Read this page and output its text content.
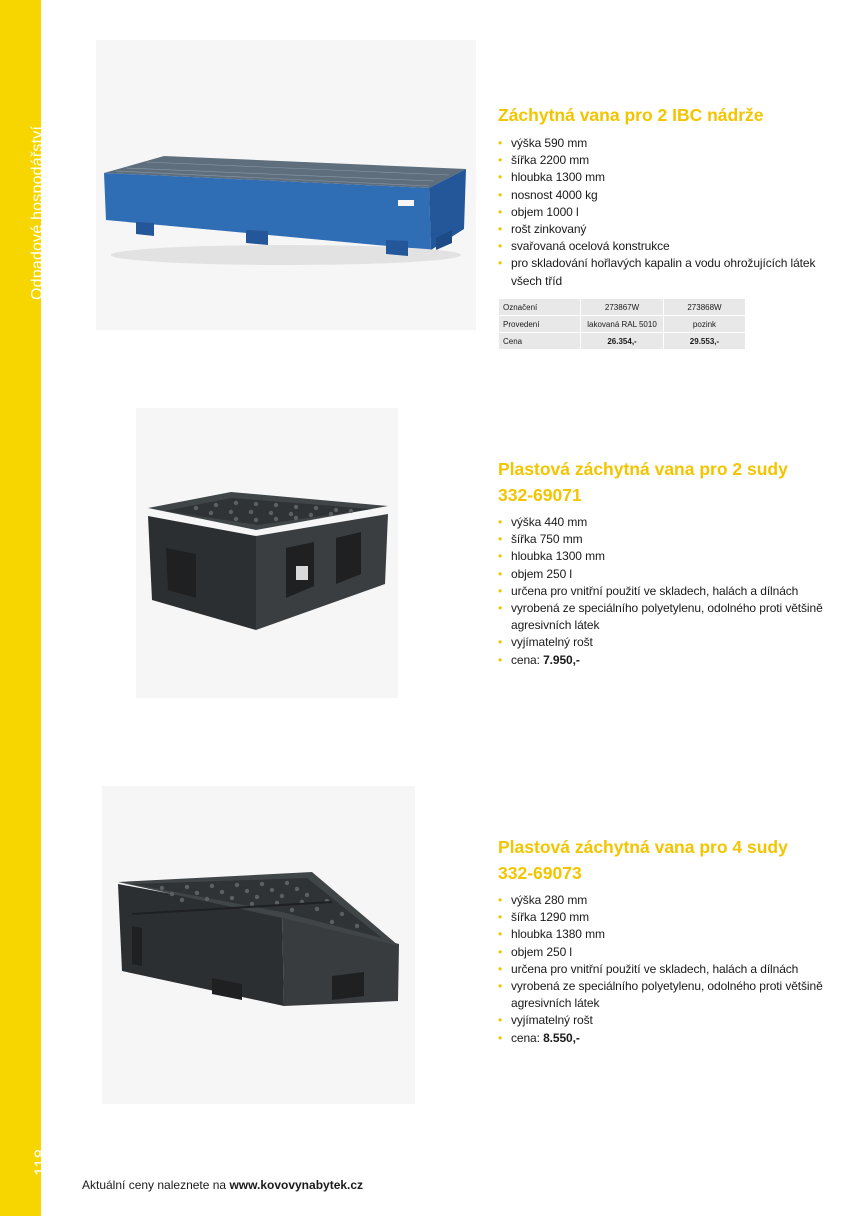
Odpadové hospodářství
118
Záchytná vana pro 2 IBC nádrže
• výška 590 mm
• šířka 2200 mm
• hloubka 1300 mm
• nosnost 4000 kg
• objem 1000 l
• rošt zinkovaný
• svařovaná ocelová konstrukce
• pro skladování hořlavých kapalin a vodu ohrožujících látek všech tříd
Označení	273867W	273868W
Provedení	lakovaná RAL 5010	pozink
Cena	26.354,-	29.553,-
Plastová záchytná vana pro 2 sudy
332-69071
• výška 440 mm
• šířka 750 mm
• hloubka 1300 mm
• objem 250 l
• určena pro vnitřní použití ve skladech, halách a dílnách
• vyrobená ze speciálního polyetylenu, odolného proti většině agresivních látek
• vyjímatelný rošt
• cena: 7.950,-
Plastová záchytná vana pro 4 sudy
332-69073
• výška 280 mm
• šířka 1290 mm
• hloubka 1380 mm
• objem 250 l
• určena pro vnitřní použití ve skladech, halách a dílnách
• vyrobená ze speciálního polyetylenu, odolného proti většině agresivních látek
• vyjímatelný rošt
• cena: 8.550,-
Aktuální ceny naleznete na www.kovovynabytek.cz
